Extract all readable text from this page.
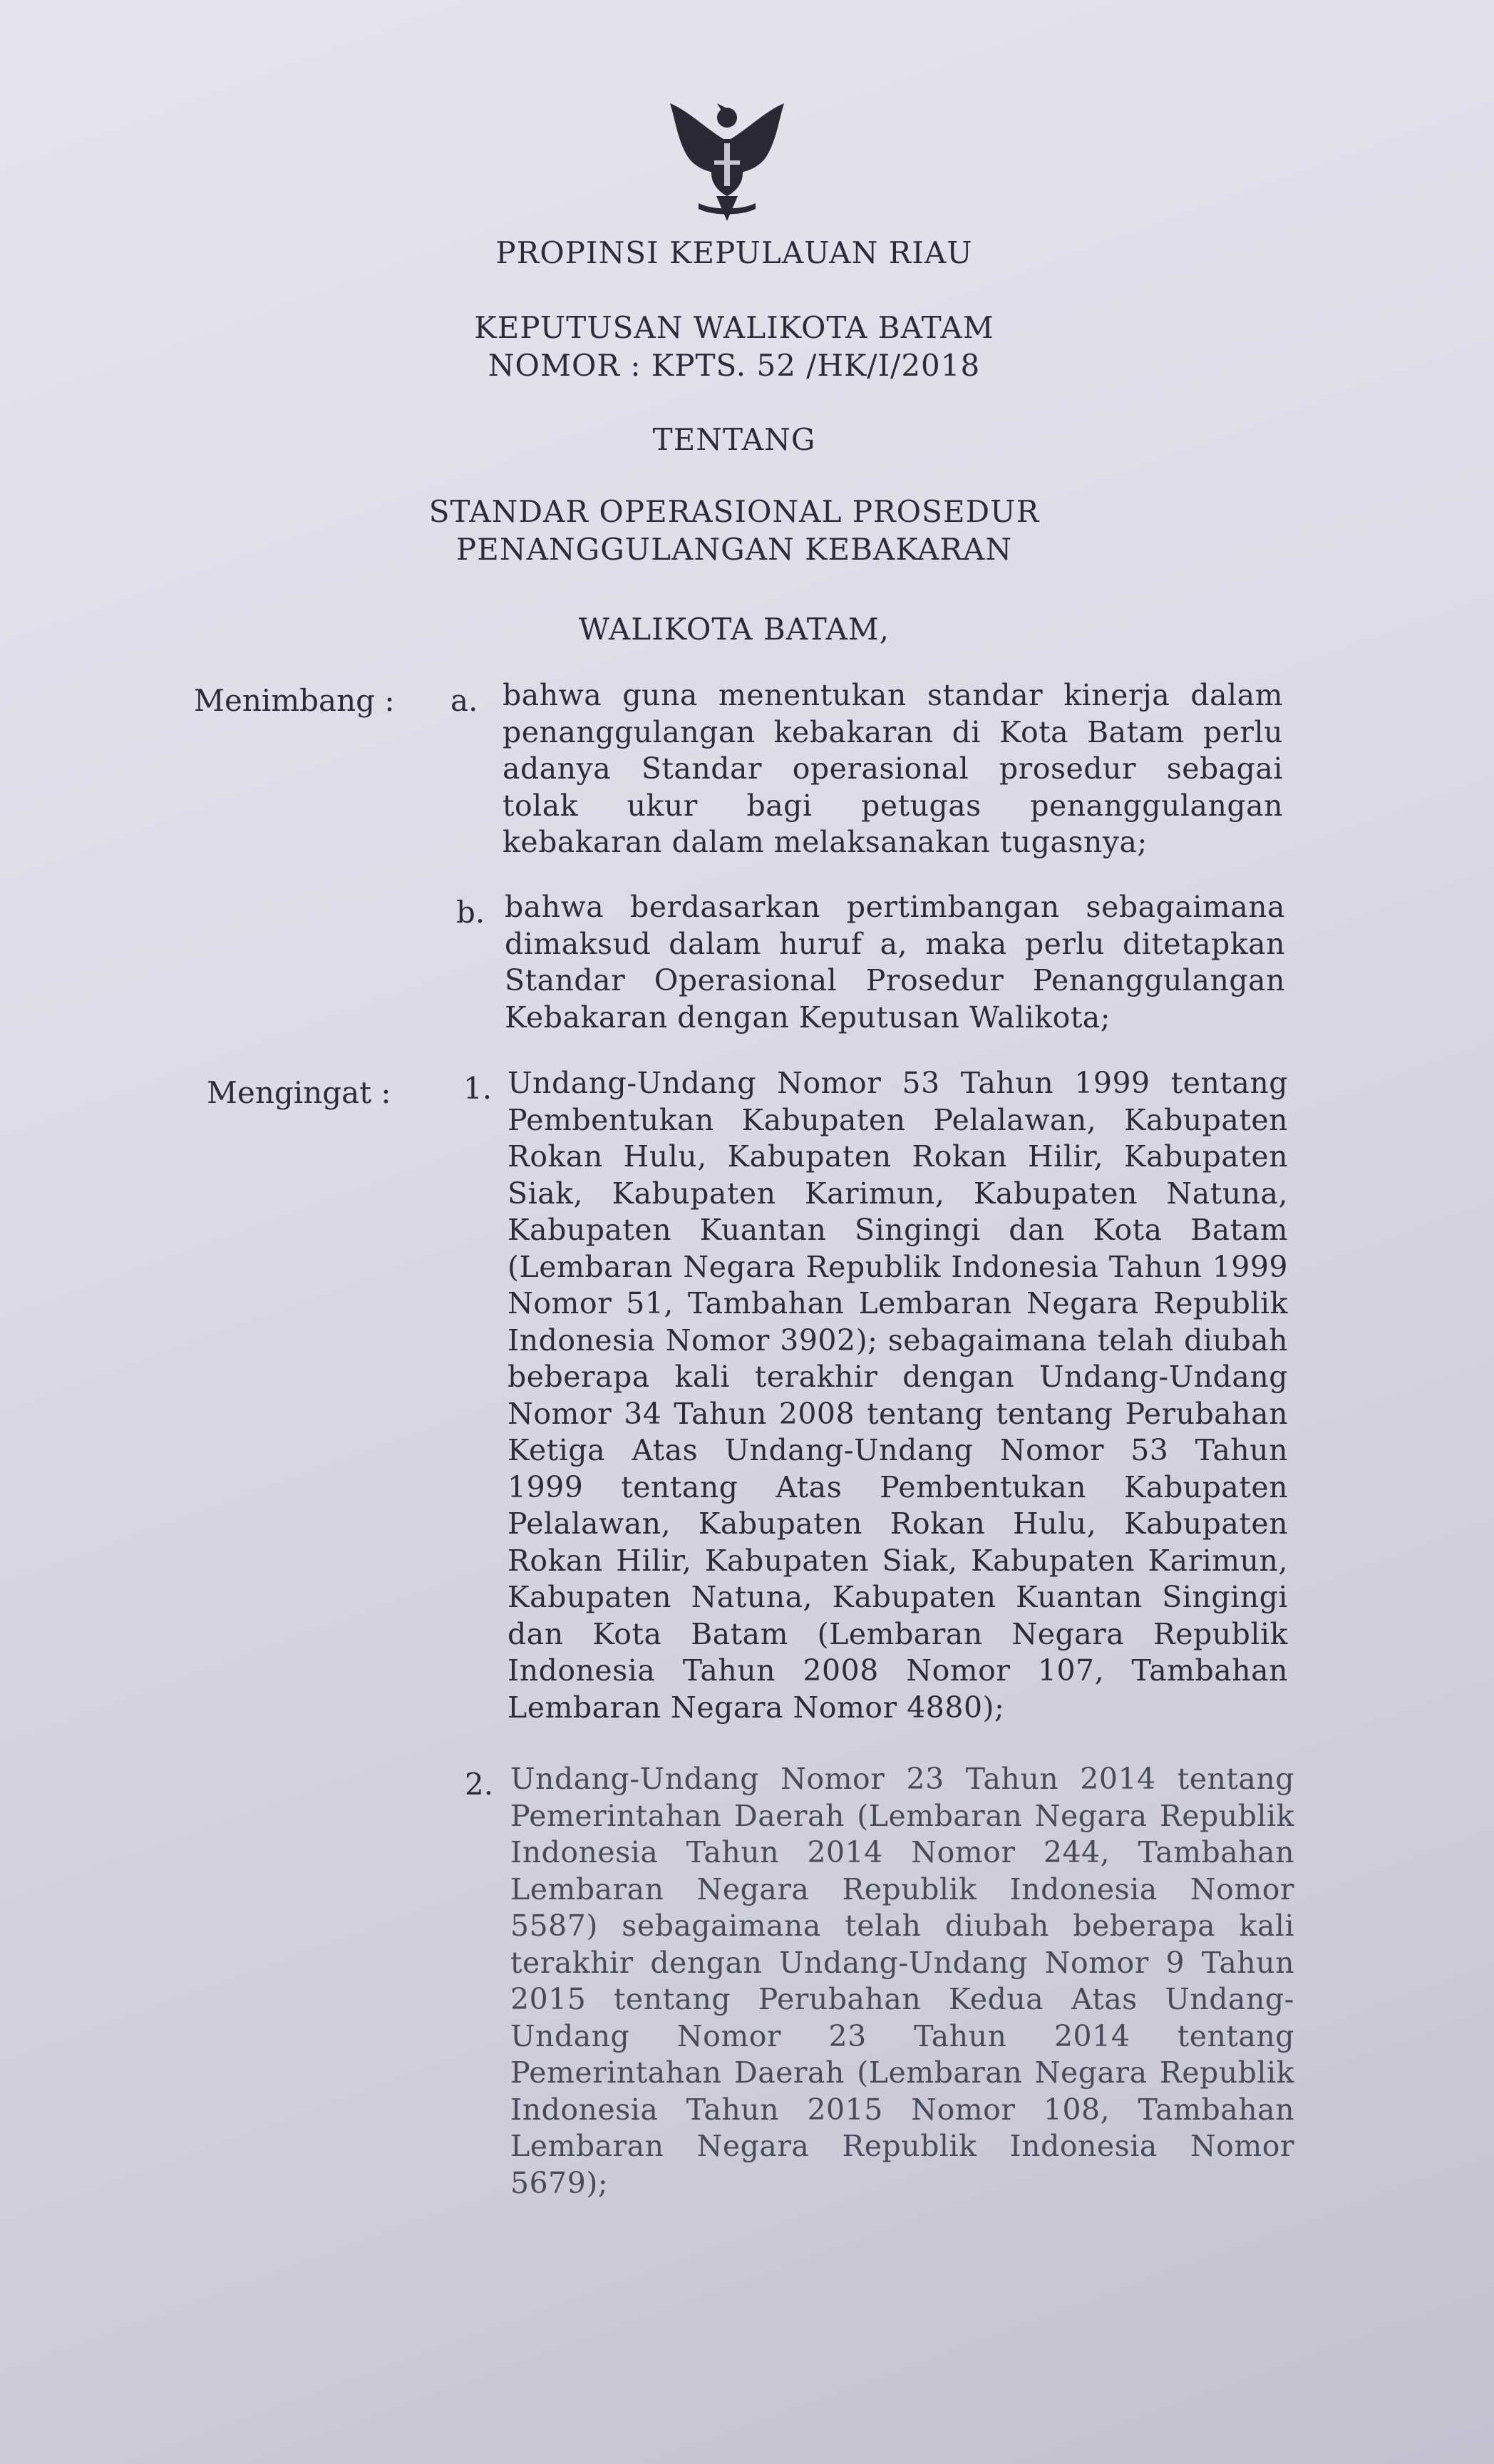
PROPINSI KEPULAUAN RIAU
KEPUTUSAN WALIKOTA BATAM
NOMOR : KPTS. 52 /HK/I/2018
TENTANG
STANDAR OPERASIONAL PROSEDUR
PENANGGULANGAN KEBAKARAN
WALIKOTA BATAM,
Menimbang : a. bahwa guna menentukan standar kinerja dalam penanggulangan kebakaran di Kota Batam perlu adanya Standar operasional prosedur sebagai tolak ukur bagi petugas penanggulangan kebakaran dalam melaksanakan tugasnya;

b. bahwa berdasarkan pertimbangan sebagaimana dimaksud dalam huruf a, maka perlu ditetapkan Standar Operasional Prosedur Penanggulangan Kebakaran dengan Keputusan Walikota;

Mengingat : 1. Undang-Undang Nomor 53 Tahun 1999 tentang Pembentukan Kabupaten Pelalawan, Kabupaten Rokan Hulu, Kabupaten Rokan Hilir, Kabupaten Siak, Kabupaten Karimun, Kabupaten Natuna, Kabupaten Kuantan Singingi dan Kota Batam (Lembaran Negara Republik Indonesia Tahun 1999 Nomor 51, Tambahan Lembaran Negara Republik Indonesia Nomor 3902); sebagaimana telah diubah beberapa kali terakhir dengan Undang-Undang Nomor 34 Tahun 2008 tentang tentang Perubahan Ketiga Atas Undang-Undang Nomor 53 Tahun 1999 tentang Atas Pembentukan Kabupaten Pelalawan, Kabupaten Rokan Hulu, Kabupaten Rokan Hilir, Kabupaten Siak, Kabupaten Karimun, Kabupaten Natuna, Kabupaten Kuantan Singingi dan Kota Batam (Lembaran Negara Republik Indonesia Tahun 2008 Nomor 107, Tambahan Lembaran Negara Nomor 4880);

2. Undang-Undang Nomor 23 Tahun 2014 tentang Pemerintahan Daerah (Lembaran Negara Republik Indonesia Tahun 2014 Nomor 244, Tambahan Lembaran Negara Republik Indonesia Nomor 5587) sebagaimana telah diubah beberapa kali terakhir dengan Undang-Undang Nomor 9 Tahun 2015 tentang Perubahan Kedua Atas Undang-Undang Nomor 23 Tahun 2014 tentang Pemerintahan Daerah (Lembaran Negara Republik Indonesia Tahun 2015 Nomor 108, Tambahan Lembaran Negara Republik Indonesia Nomor 5679);
